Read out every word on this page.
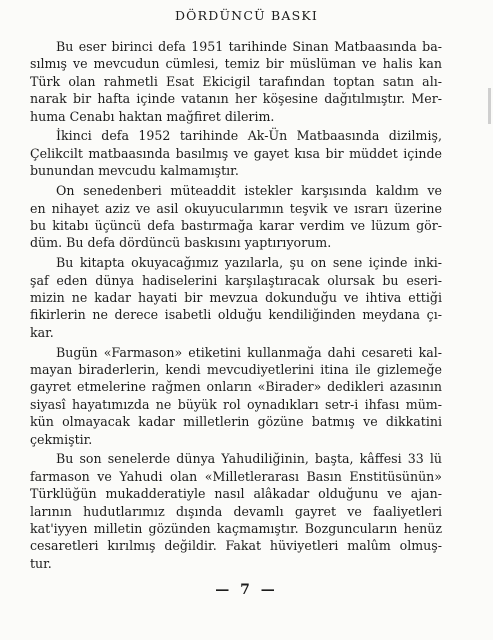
DÖRDÜNCÜ BASKI
Bu eser birinci defa 1951 tarihinde Sinan Matbaasında ba-
sılmış ve mevcudun cümlesi, temiz bir müslüman ve halis kan
Türk olan rahmetli Esat Ekicigil tarafından toptan satın alı-
narak bir hafta içinde vatanın her köşesine dağıtılmıştır. Mer-
huma Cenabı haktan mağfiret dilerim.
İkinci defa 1952 tarihinde Ak-Ün Matbaasında dizilmiş,
Çelikcilt matbaasında basılmış ve gayet kısa bir müddet içinde
bunundan mevcudu kalmamıştır.
On senedenberi müteaddit istekler karşısında kaldım ve
en nihayet aziz ve asil okuyucularımın teşvik ve ısrarı üzerine
bu kitabı üçüncü defa bastırmağa karar verdim ve lüzum gör-
düm. Bu defa dördüncü baskısını yaptırıyorum.
Bu kitapta okuyacağımız yazılarla, şu on sene içinde inki-
şaf eden dünya hadiselerini karşılaştıracak olursak bu eseri-
mizin ne kadar hayati bir mevzua dokunduğu ve ihtiva ettiği
fikirlerin ne derece isabetli olduğu kendiliğinden meydana çı-
kar.
Bugün «Farmason» etiketini kullanmağa dahi cesareti kal-
mayan biraderlerin, kendi mevcudiyetlerini itina ile gizlemeğe
gayret etmelerine rağmen onların «Birader» dedikleri azasının
siyasî hayatımızda ne büyük rol oynadıkları setr-i ihfası müm-
kün olmayacak kadar milletlerin gözüne batmış ve dikkatini
çekmiştir.
Bu son senelerde dünya Yahudiliğinin, başta, kâffesi 33 lü
farmason ve Yahudi olan «Milletlerarası Basın Enstitüsünün»
Türklüğün mukadderatiyle nasıl alâkadar olduğunu ve ajan-
larının hudutlarımız dışında devamlı gayret ve faaliyetleri
kat'iyyen milletin gözünden kaçmamıştır. Bozguncuların henüz
cesaretleri kırılmış değildir. Fakat hüviyetleri malûm olmuş-
tur.
— 7 —
